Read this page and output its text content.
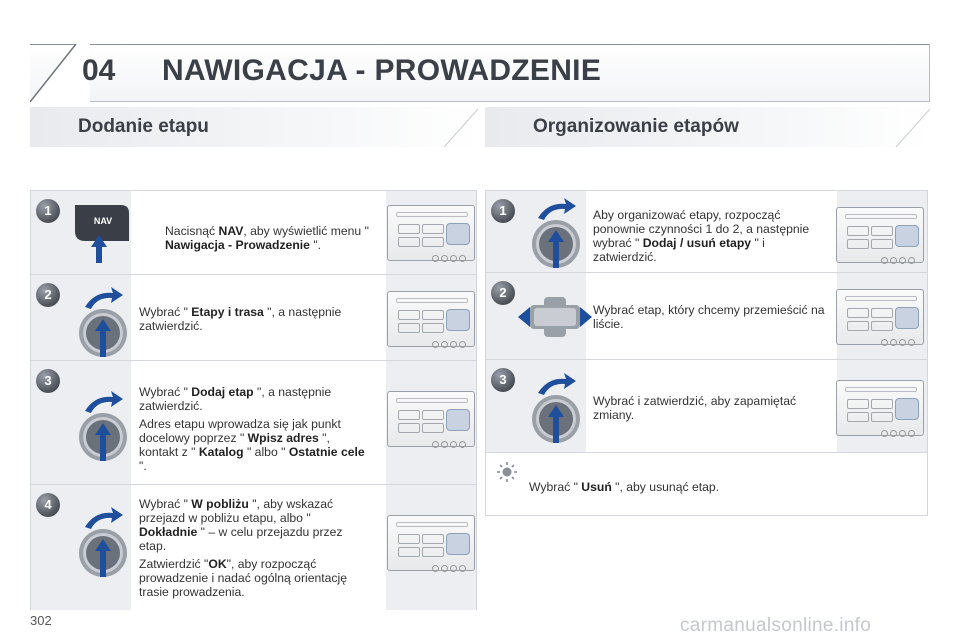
04 NAWIGACJA - PROWADZENIE
Dodanie etapu	Organizowanie etapów
1
NAV

Nacisnąć NAV, aby wyświetlić menu " Nawigacja - Prowadzenie ".

2

Wybrać " Etapy i trasa ", a następnie zatwierdzić.

3

Wybrać " Dodaj etap ", a następnie zatwierdzić.

Adres etapu wprowadza się jak punkt docelowy poprzez " Wpisz adres ", kontakt z " Katalog " albo " Ostatnie cele ".

4	Wybrać " W pobliżu ", aby wskazać przejazd w pobliżu etapu, albo " Dokładnie " – w celu przejazdu przez etap.

Zatwierdzić "OK", aby rozpocząć prowadzenie i nadać ogólną orientację trasie prowadzenia.

1	Aby organizować etapy, rozpocząć ponownie czynności 1 do 2, a następnie wybrać " Dodaj / usuń etapy " i zatwierdzić.

2

Wybrać etap, który chcemy przemieścić na liście.

3

Wybrać i zatwierdzić, aby zapamiętać zmiany.

Wybrać " Usuń ", aby usunąć etap.

302	carmanualsonline.info
